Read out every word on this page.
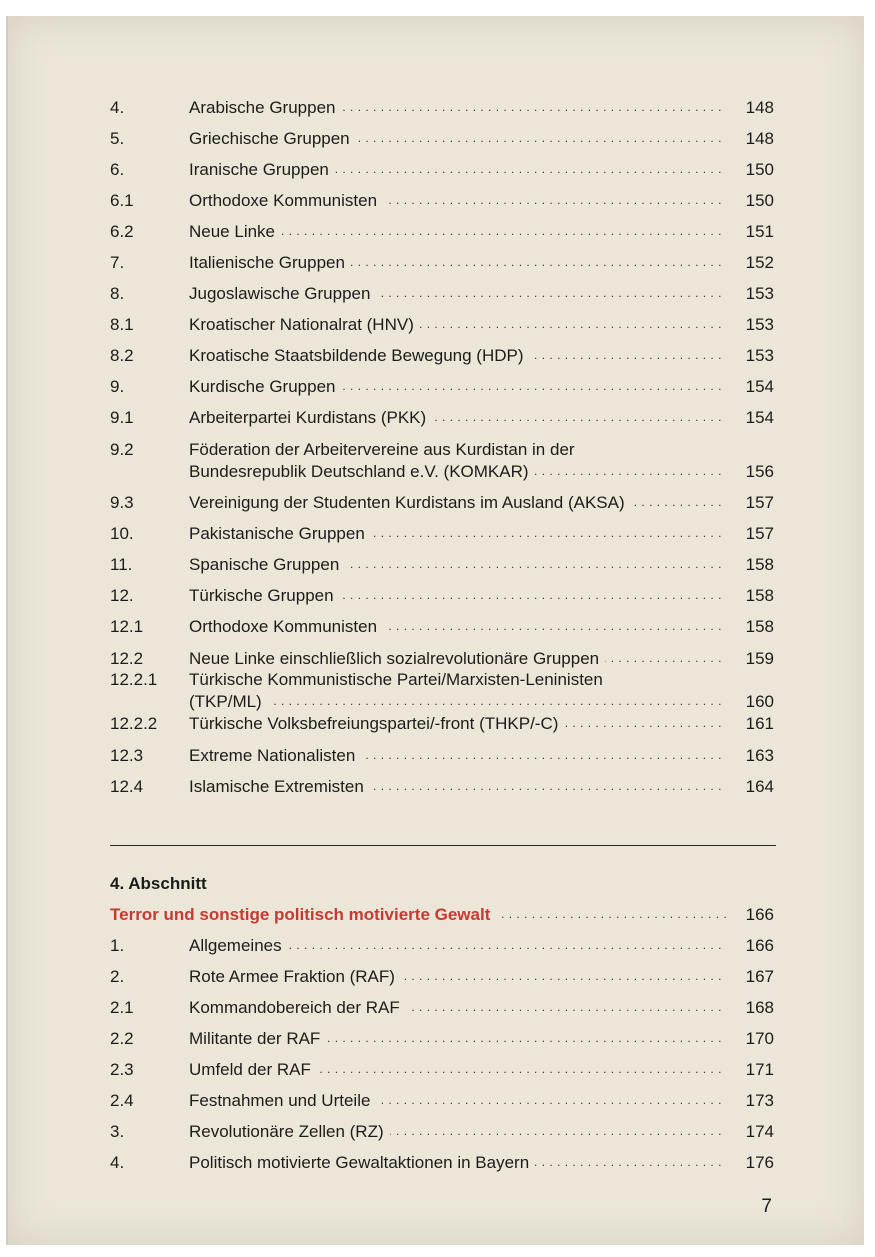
4.	Arabische Gruppen . . .	148
5.	Griechische Gruppen . . .	148
6.	Iranische Gruppen . . .	150
6.1	Orthodoxe Kommunisten . . .	150
6.2	Neue Linke . . .	151
7.	Italienische Gruppen . . .	152
8.	Jugoslawische Gruppen . . .	153
8.1	Kroatischer Nationalrat (HNV) . . .	153
8.2	Kroatische Staatsbildende Bewegung (HDP) . . .	153
9.	Kurdische Gruppen . . .	154
9.1	Arbeiterpartei Kurdistans (PKK) . . .	154
9.2	Föderation der Arbeitervereine aus Kurdistan in der
Bundesrepublik Deutschland e.V. (KOMKAR) . . .	156
9.3	Vereinigung der Studenten Kurdistans im Ausland (AKSA) . . .	157
10.	Pakistanische Gruppen . . .	157
11.	Spanische Gruppen . . .	158
12.	Türkische Gruppen . . .	158
12.1	Orthodoxe Kommunisten . . .	158
12.2	Neue Linke einschließlich sozialrevolutionäre Gruppen . . .	159
12.2.1 Türkische Kommunistische Partei/Marxisten-Leninisten
(TKP/ML) . . .	160
12.2.2 Türkische Volksbefreiungspartei/-front (THKP/-C) . . .	161
12.3	Extreme Nationalisten . . .	163
12.4	Islamische Extremisten . . .	164
4. Abschnitt
Terror und sonstige politisch motivierte Gewalt . . .	166
1.	Allgemeines . . .	166
2.	Rote Armee Fraktion (RAF) . . .	167
2.1	Kommandobereich der RAF . . .	168
2.2	Militante der RAF . . .	170
2.3	Umfeld der RAF . . .	171
2.4	Festnahmen und Urteile . . .	173
3.	Revolutionäre Zellen (RZ) . . .	174
4.	Politisch motivierte Gewaltaktionen in Bayern . . .	176
7
